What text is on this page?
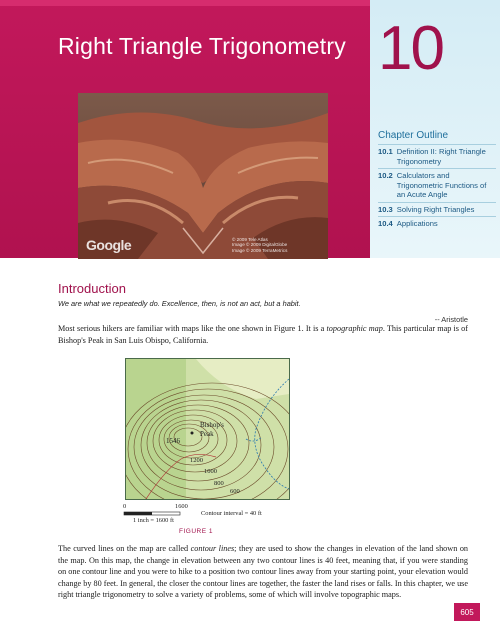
Right Triangle Trigonometry 10
Chapter Outline
10.1 Definition II: Right Triangle Trigonometry
10.2 Calculators and Trigonometric Functions of an Acute Angle
10.3 Solving Right Triangles
10.4 Applications
Google	© 2009 Tele Atlas
Image © 2009 DigitalGlobe
Image © 2009 TerraMetrics
Introduction
We are what we repeatedly do. Excellence, then, is not an act, but a habit.
-- Aristotle
Most serious hikers are familiar with maps like the one shown in Figure 1. It is a topographic map. This particular map is of Bishop's Peak in San Luis Obispo, California.
1546
Bishop's
Peak
1200
1000
800
600
0	1600
1 inch = 1600 ft
Contour interval = 40 ft
FIGURE 1
The curved lines on the map are called contour lines; they are used to show the changes in elevation of the land shown on the map. On this map, the change in elevation between any two contour lines is 40 feet, meaning that, if you were standing on one contour line and you were to hike to a position two contour lines away from your starting point, your elevation would change by 80 feet. In general, the closer the contour lines are together, the faster the land rises or falls. In this chapter, we use right triangle trigonometry to solve a variety of problems, some of which will involve topographic maps.
605
